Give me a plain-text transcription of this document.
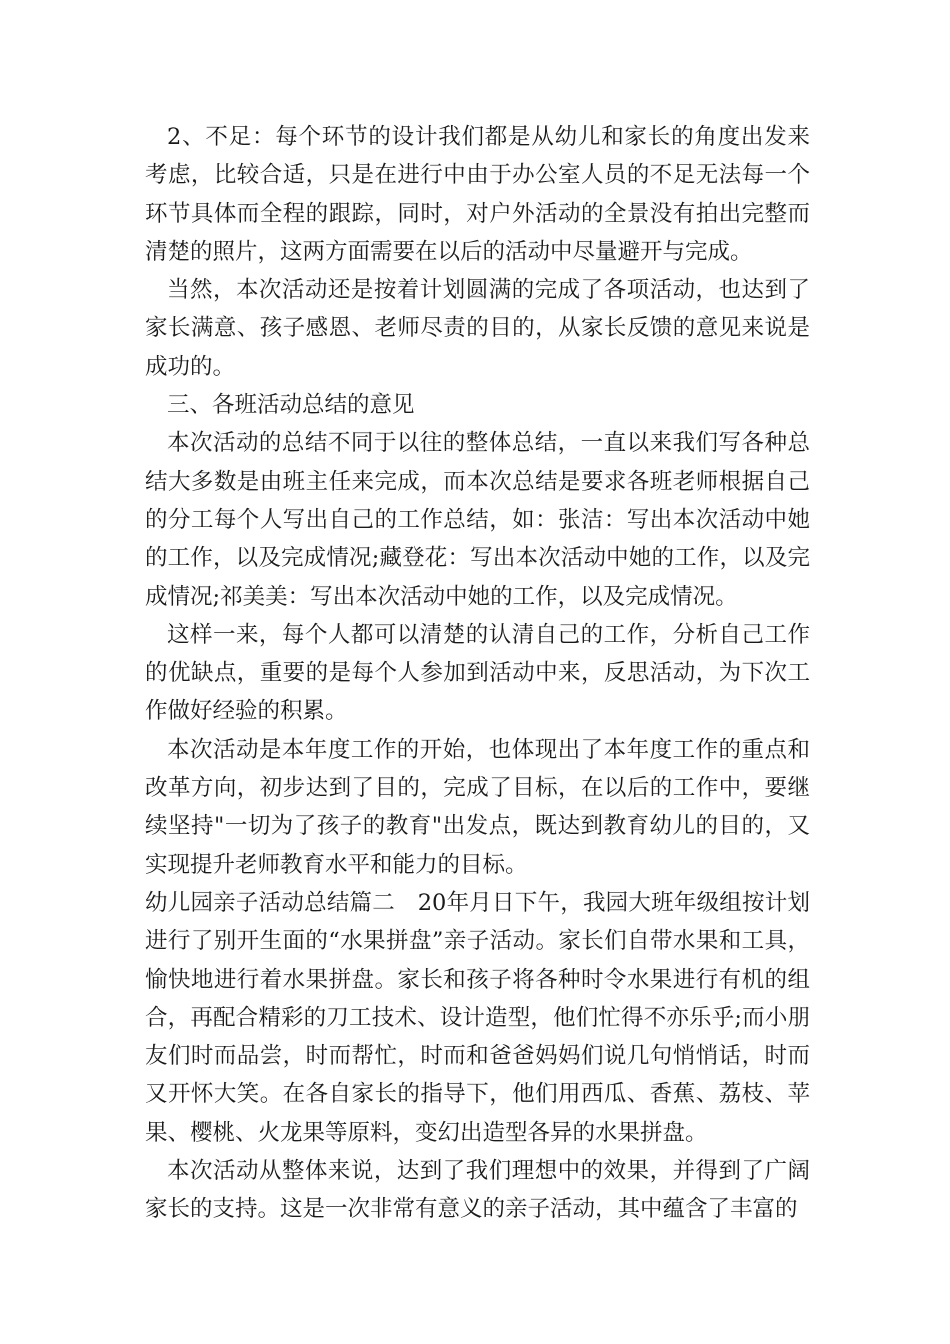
2、不足：每个环节的设计我们都是从幼儿和家长的角度出发来考虑，比较合适，只是在进行中由于办公室人员的不足无法每一个环节具体而全程的跟踪，同时，对户外活动的全景没有拍出完整而清楚的照片，这两方面需要在以后的活动中尽量避开与完成。

当然，本次活动还是按着计划圆满的完成了各项活动，也达到了家长满意、孩子感恩、老师尽责的目的，从家长反馈的意见来说是成功的。

三、各班活动总结的意见

本次活动的总结不同于以往的整体总结，一直以来我们写各种总结大多数是由班主任来完成，而本次总结是要求各班老师根据自己的分工每个人写出自己的工作总结，如：张洁：写出本次活动中她的工作，以及完成情况;藏登花：写出本次活动中她的工作，以及完成情况;祁美美：写出本次活动中她的工作，以及完成情况。

这样一来，每个人都可以清楚的认清自己的工作，分析自己工作的优缺点，重要的是每个人参加到活动中来，反思活动，为下次工作做好经验的积累。

本次活动是本年度工作的开始，也体现出了本年度工作的重点和改革方向，初步达到了目的，完成了目标，在以后的工作中，要继续坚持"一切为了孩子的教育"出发点，既达到教育幼儿的目的，又实现提升老师教育水平和能力的目标。

幼儿园亲子活动总结篇二　20年月日下午，我园大班年级组按计划进行了别开生面的“水果拼盘”亲子活动。家长们自带水果和工具，愉快地进行着水果拼盘。家长和孩子将各种时令水果进行有机的组合，再配合精彩的刀工技术、设计造型，他们忙得不亦乐乎;而小朋友们时而品尝，时而帮忙，时而和爸爸妈妈们说几句悄悄话，时而又开怀大笑。在各自家长的指导下，他们用西瓜、香蕉、荔枝、苹果、樱桃、火龙果等原料，变幻出造型各异的水果拼盘。

本次活动从整体来说，达到了我们理想中的效果，并得到了广阔家长的支持。这是一次非常有意义的亲子活动，其中蕴含了丰富的
